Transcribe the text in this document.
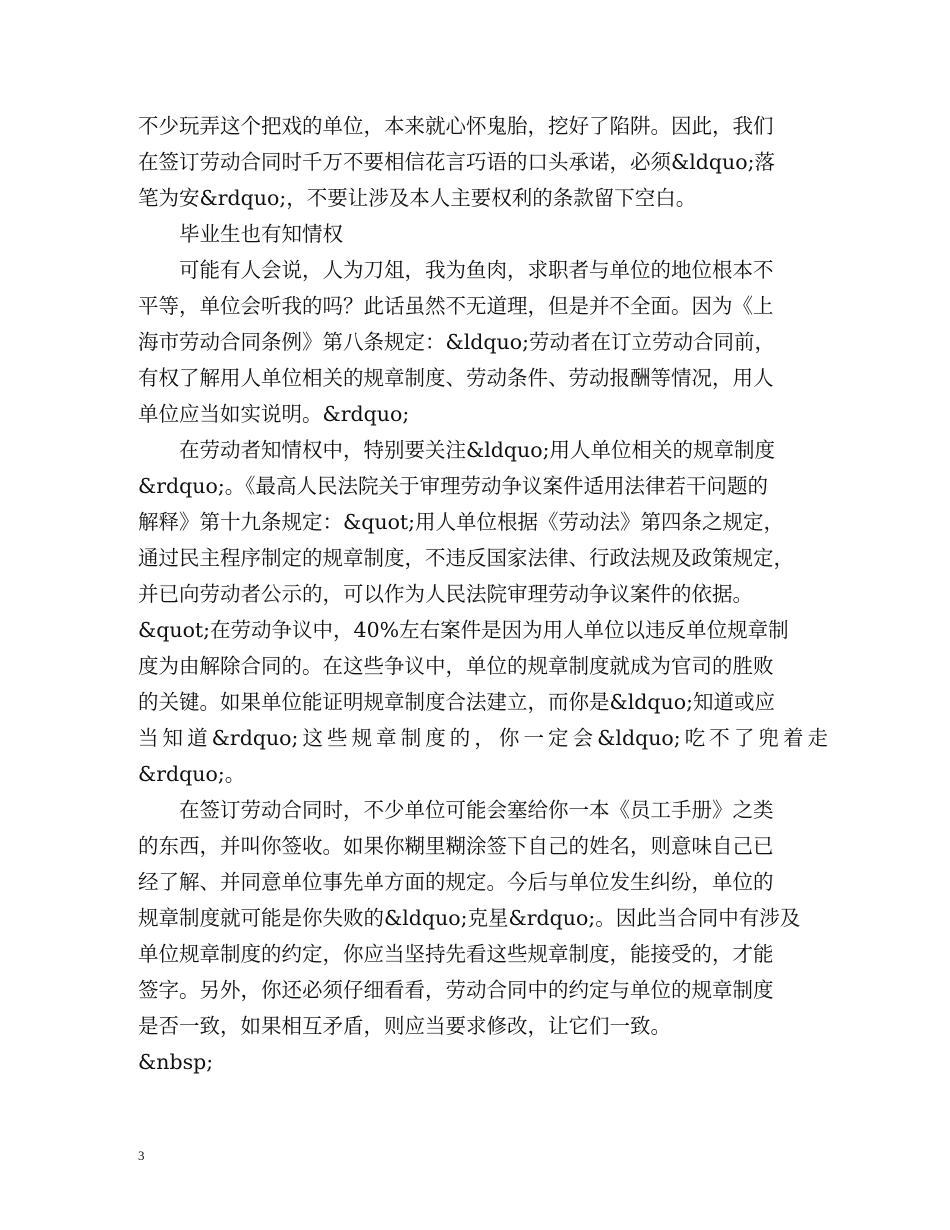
不少玩弄这个把戏的单位，本来就心怀鬼胎，挖好了陷阱。因此，我们
在签订劳动合同时千万不要相信花言巧语的口头承诺，必须&ldquo;落
笔为安&rdquo;，不要让涉及本人主要权利的条款留下空白。
毕业生也有知情权
可能有人会说，人为刀俎，我为鱼肉，求职者与单位的地位根本不
平等，单位会听我的吗？此话虽然不无道理，但是并不全面。因为《上
海市劳动合同条例》第八条规定：&ldquo;劳动者在订立劳动合同前，
有权了解用人单位相关的规章制度、劳动条件、劳动报酬等情况，用人
单位应当如实说明。&rdquo;
在劳动者知情权中，特别要关注&ldquo;用人单位相关的规章制度
&rdquo;。《最高人民法院关于审理劳动争议案件适用法律若干问题的
解释》第十九条规定：&quot;用人单位根据《劳动法》第四条之规定，
通过民主程序制定的规章制度，不违反国家法律、行政法规及政策规定，
并已向劳动者公示的，可以作为人民法院审理劳动争议案件的依据。
&quot;在劳动争议中，40%左右案件是因为用人单位以违反单位规章制
度为由解除合同的。在这些争议中，单位的规章制度就成为官司的胜败
的关键。如果单位能证明规章制度合法建立，而你是&ldquo;知道或应
当知道&rdquo;这些规章制度的，你一定会&ldquo;吃不了兜着走
&rdquo;。
在签订劳动合同时，不少单位可能会塞给你一本《员工手册》之类
的东西，并叫你签收。如果你糊里糊涂签下自己的姓名，则意味自己已
经了解、并同意单位事先单方面的规定。今后与单位发生纠纷，单位的
规章制度就可能是你失败的&ldquo;克星&rdquo;。因此当合同中有涉及
单位规章制度的约定，你应当坚持先看这些规章制度，能接受的，才能
签字。另外，你还必须仔细看看，劳动合同中的约定与单位的规章制度
是否一致，如果相互矛盾，则应当要求修改，让它们一致。
&nbsp;
3
